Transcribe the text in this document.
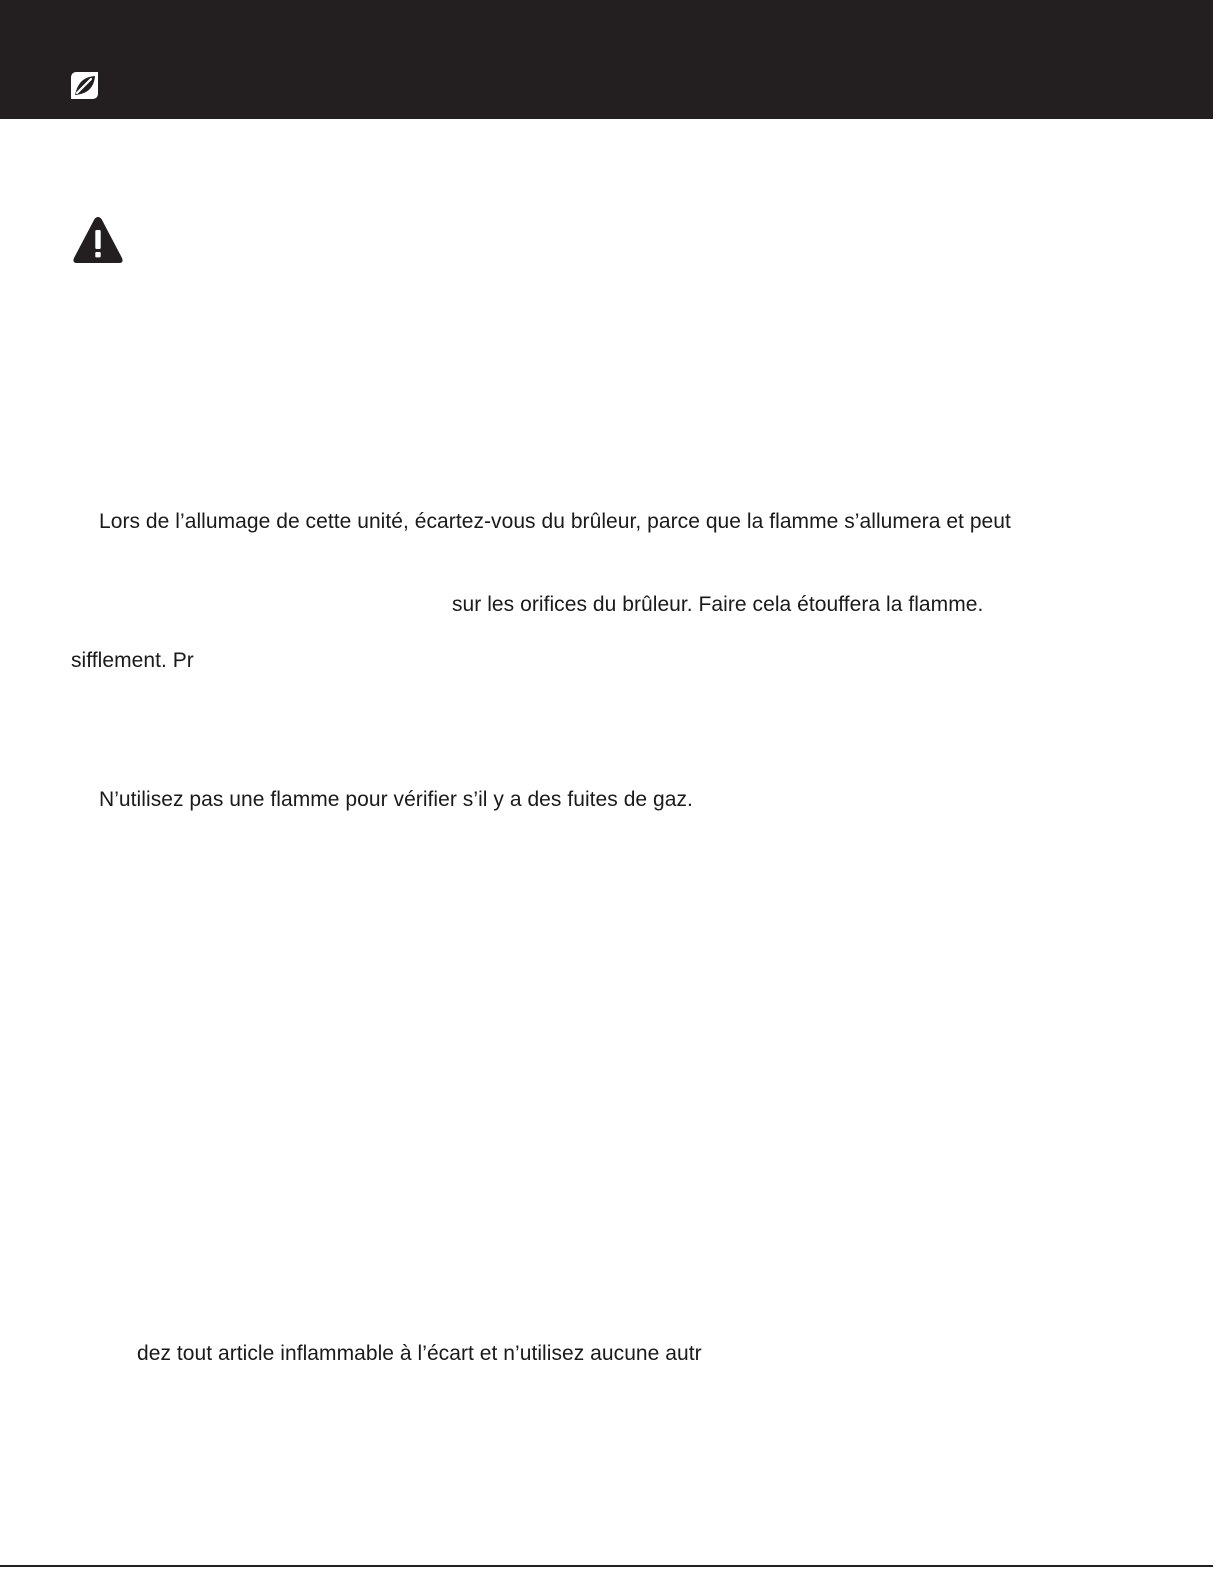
Lors de l’allumage de cette unité, écartez-vous du brûleur, parce que la flamme s’allumera et peut
sur les orifices du brûleur. Faire cela étouffera la flamme.
sifflement. Pr
N’utilisez pas une flamme pour vérifier s’il y a des fuites de gaz.
dez tout article inflammable à l’écart et n’utilisez aucune autr
